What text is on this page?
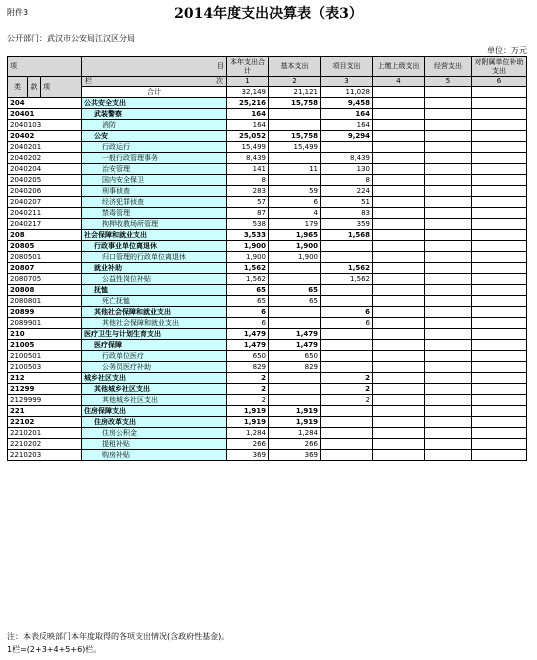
附件3	2014年度支出决算表（表3）
公开部门：武汉市公安局江汉区分局
单位：万元
项			目	本年支出合计	基本支出	项目支出	上缴上级支出	经营支出	对附属单位补助支出
类	款	项	栏 次	1	2	3	4	5	6
			合计	32,149	21,121	11,028			
204			公共安全支出	25,216	15,758	9,458			
20401			武装警察	164		164			
2040103			消防	164		164			
20402			公安	25,052	15,758	9,294			
2040201			行政运行	15,499	15,499				
2040202			一般行政管理事务	8,439		8,439			
2040204			治安管理	141	11	130			
2040205			国内安全保卫	8		8			
2040206			刑事侦查	283	59	224			
2040207			经济犯罪侦查	57	6	51			
2040211			禁毒管理	87	4	83			
2040217			拘押收教场所管理	538	179	359			
208			社会保障和就业支出	3,533	1,965	1,568			
20805			行政事业单位离退休	1,900	1,900				
2080501			归口管理的行政单位离退休	1,900	1,900				
20807			就业补助	1,562		1,562			
2080705			公益性岗位补贴	1,562		1,562			
20808			抚恤	65	65				
2080801			死亡抚恤	65	65				
20899			其他社会保障和就业支出	6		6			
2089901			其他社会保障和就业支出	6		6			
210			医疗卫生与计划生育支出	1,479	1,479				
21005			医疗保障	1,479	1,479				
2100501			行政单位医疗	650	650				
2100503			公务员医疗补助	829	829				
212			城乡社区支出	2		2			
21299			其他城乡社区支出	2		2			
2129999			其他城乡社区支出	2		2			
221			住房保障支出	1,919	1,919				
22102			住房改革支出	1,919	1,919				
2210201			住房公积金	1,284	1,284				
2210202			提租补贴	266	266				
2210203			购房补贴	369	369				
注：本表反映部门本年度取得的各项支出情况(含政府性基金)。
1栏=(2+3+4+5+6)栏。
